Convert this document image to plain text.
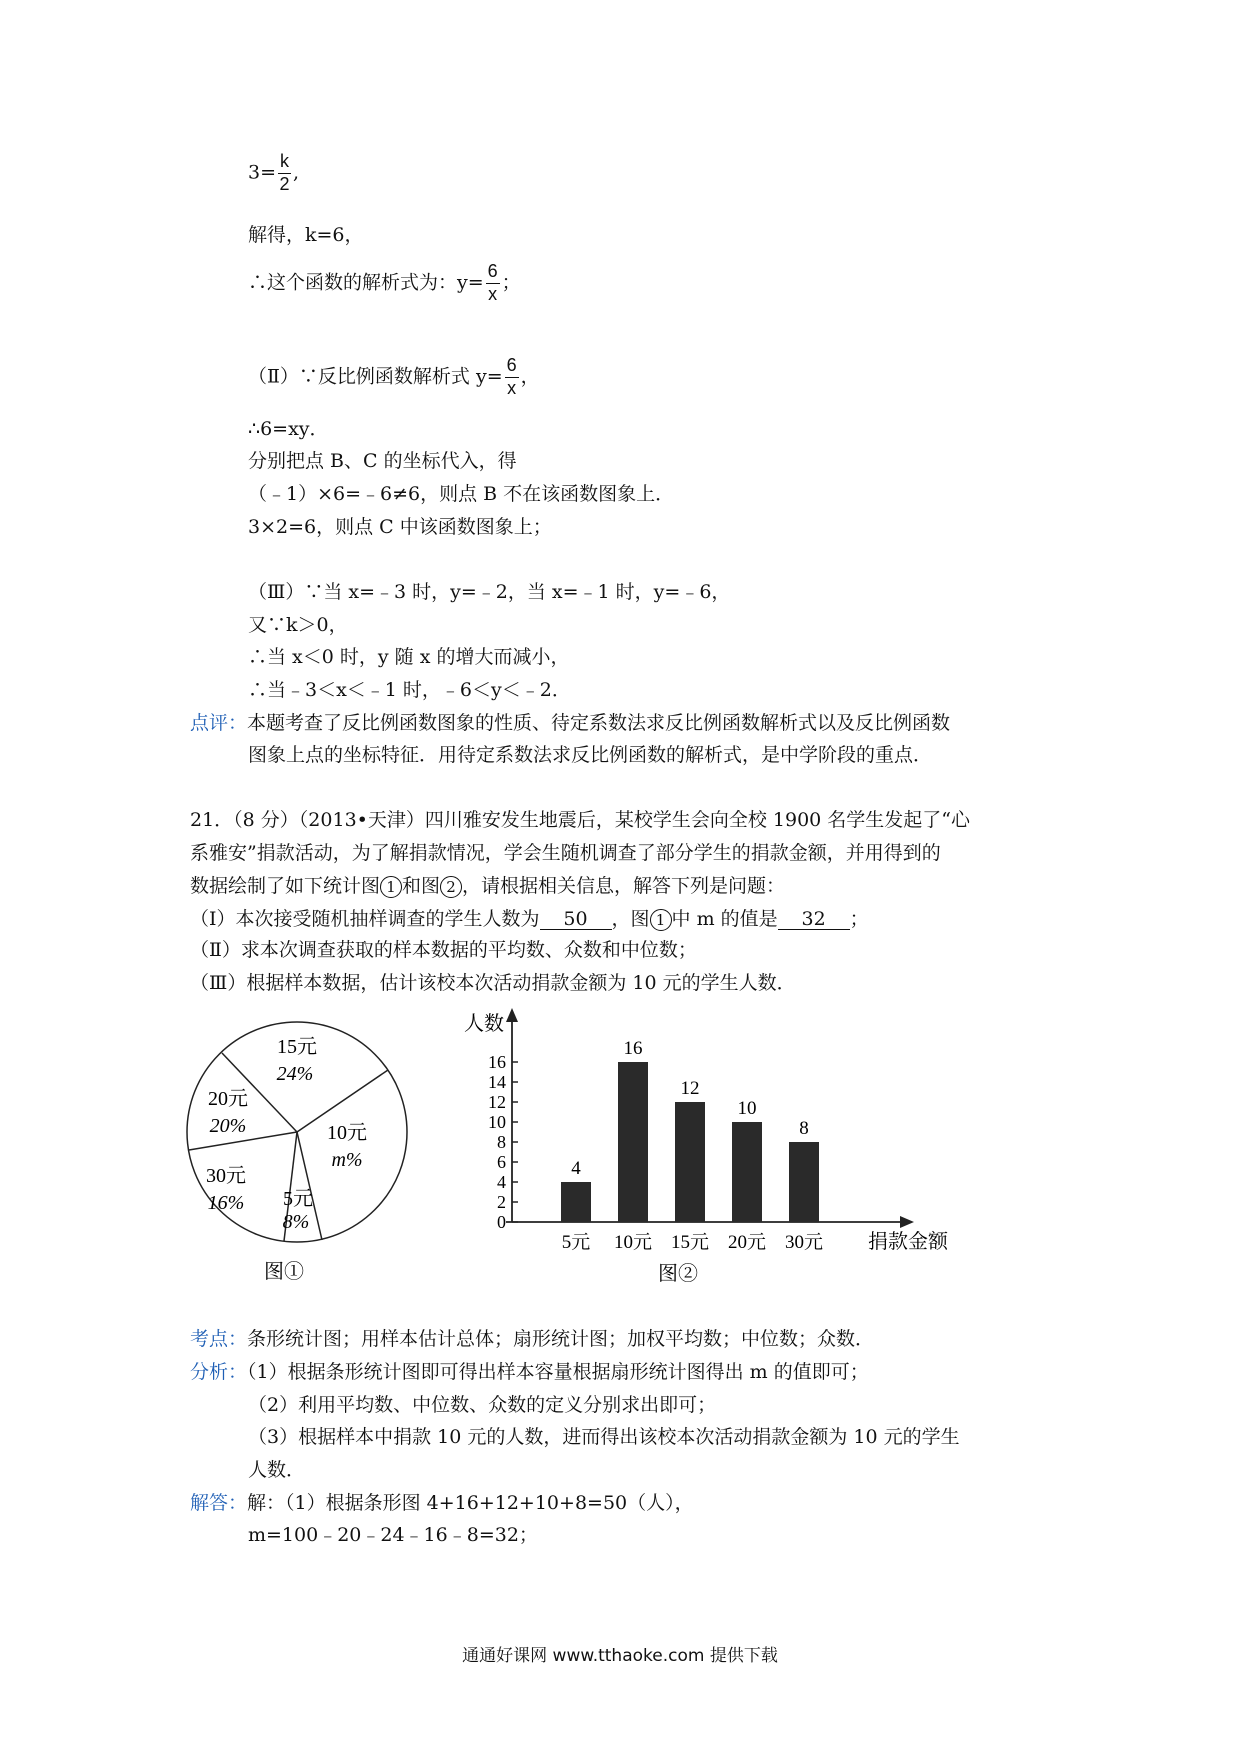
$3= \frac{k}{2}$ ,
解得，k=6，
∴这个函数的解析式为：$y= \frac{6}{x}$ ；
（Ⅱ）∵反比例函数解析式 $y= \frac{6}{x}$ ，
∴6=xy．
分别把点 B、C 的坐标代入，得
（﹣1）×6=﹣6≠6，则点 B 不在该函数图象上．
3×2=6，则点 C 中该函数图象上；
（Ⅲ）∵当 x=﹣3 时，y=﹣2，当 x=﹣1 时，y=﹣6，
又∵k＞0，
∴当 x＜0 时，y 随 x 的增大而减小，
∴当﹣3＜x＜﹣1 时，﹣6＜y＜﹣2．
点评：本题考查了反比例函数图象的性质、待定系数法求反比例函数解析式以及反比例函数
图象上点的坐标特征．用待定系数法求反比例函数的解析式，是中学阶段的重点．
21．（8 分）（2013•天津）四川雅安发生地震后，某校学生会向全校 1900 名学生发起了“心
系雅安”捐款活动，为了解捐款情况，学会生随机调查了部分学生的捐款金额，并用得到的
数据绘制了如下统计图 1 和图 2 ，请根据相关信息，解答下列是问题：
（Ⅰ）本次接受随机抽样调查的学生人数为 50 ，图 1 中 m 的值是 32 ；
（Ⅱ）求本次调查获取的样本数据的平均数、众数和中位数；
（Ⅲ）根据样本数据，估计该校本次活动捐款金额为 10 元的学生人数．
15元
24%
10元
m%
5元
8%
30元
16%
20元
20%
图①
人数
捐款金额
图②
0
2
4
6
8
10
12
14
16
4
5元
16
10元
12
15元
10
20元
8
30元
考点：条形统计图；用样本估计总体；扇形统计图；加权平均数；中位数；众数．
分析：（1）根据条形统计图即可得出样本容量根据扇形统计图得出 m 的值即可；
（2）利用平均数、中位数、众数的定义分别求出即可；
（3）根据样本中捐款 10 元的人数，进而得出该校本次活动捐款金额为 10 元的学生
人数．
解答：解：（1）根据条形图 4+16+12+10+8=50（人），
m=100﹣20﹣24﹣16﹣8=32；
通通好课网 www.tthaoke.com 提供下载
